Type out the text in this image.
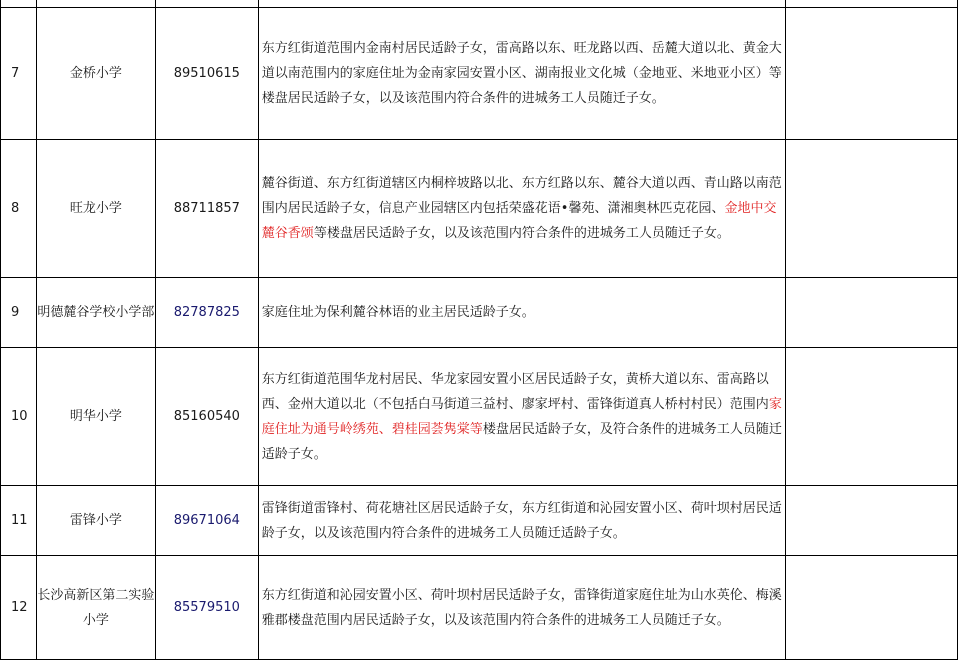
7	金桥小学	89510615	东方红街道范围内金南村居民适龄子女，雷高路以东、旺龙路以西、岳麓大道以北、黄金大道以南范围内的家庭住址为金南家园安置小区、湖南报业文化城（金地亚、米地亚小区）等楼盘居民适龄子女，以及该范围内符合条件的进城务工人员随迁子女。	
8	旺龙小学	88711857	麓谷街道、东方红街道辖区内桐梓坡路以北、东方红路以东、麓谷大道以西、青山路以南范围内居民适龄子女，信息产业园辖区内包括荣盛花语•馨苑、潇湘奥林匹克花园、金地中交麓谷香颂等楼盘居民适龄子女，以及该范围内符合条件的进城务工人员随迁子女。	
9	明德麓谷学校小学部	82787825	家庭住址为保利麓谷林语的业主居民适龄子女。	
10	明华小学	85160540	东方红街道范围华龙村居民、华龙家园安置小区居民适龄子女，黄桥大道以东、雷高路以西、金州大道以北（不包括白马街道三益村、廖家坪村、雷锋街道真人桥村村民）范围内家庭住址为通号岭绣苑、碧桂园荟隽棠等楼盘居民适龄子女，及符合条件的进城务工人员随迁适龄子女。	
11	雷锋小学	89671064	雷锋街道雷锋村、荷花塘社区居民适龄子女，东方红街道和沁园安置小区、荷叶坝村居民适龄子女，以及该范围内符合条件的进城务工人员随迁适龄子女。	
12	长沙高新区第二实验小学	85579510	东方红街道和沁园安置小区、荷叶坝村居民适龄子女，雷锋街道家庭住址为山水英伦、梅溪雅郡楼盘范围内居民适龄子女，以及该范围内符合条件的进城务工人员随迁子女。	
